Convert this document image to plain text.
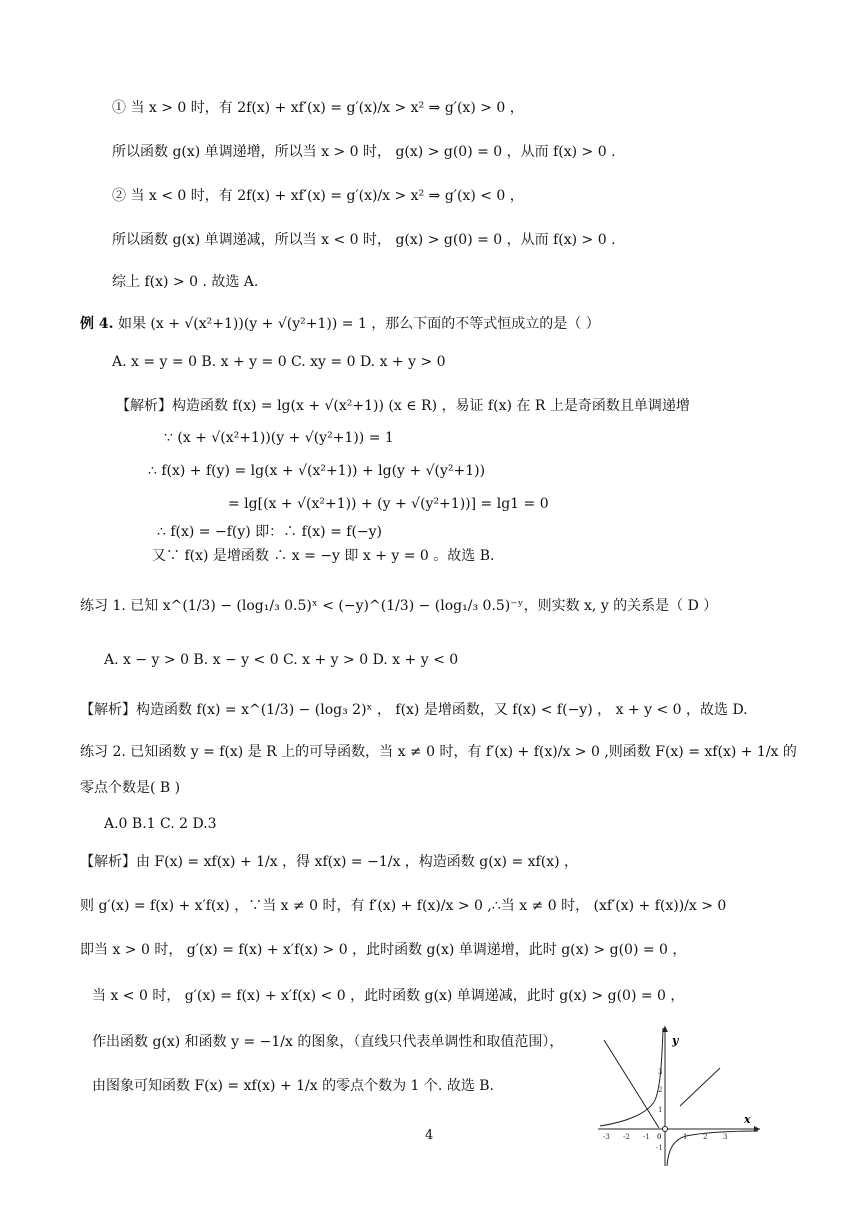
① 当 x > 0 时，有 2f(x) + xf′(x) = g′(x)/x > x² ⇒ g′(x) > 0 ，
所以函数 g(x) 单调递增，所以当 x > 0 时， g(x) > g(0) = 0 ，从而 f(x) > 0 .
② 当 x < 0 时，有 2f(x) + xf′(x) = g′(x)/x > x² ⇒ g′(x) < 0 ，
所以函数 g(x) 单调递减，所以当 x < 0 时， g(x) > g(0) = 0 ，从而 f(x) > 0 .
综上 f(x) > 0 . 故选 A.
例 4. 如果 (x + √(x²+1))(y + √(y²+1)) = 1 ，那么下面的不等式恒成立的是（ ）
A. x = y = 0 B. x + y = 0 C. xy = 0 D. x + y > 0
【解析】构造函数 f(x) = lg(x + √(x²+1)) (x ∈ R) ，易证 f(x) 在 R 上是奇函数且单调递增
∵ (x + √(x²+1))(y + √(y²+1)) = 1
∴ f(x) + f(y) = lg(x + √(x²+1)) + lg(y + √(y²+1))
= lg[(x + √(x²+1)) + (y + √(y²+1))] = lg1 = 0
∴ f(x) = −f(y) 即：∴ f(x) = f(−y)
又∵ f(x) 是增函数 ∴ x = −y 即 x + y = 0 。故选 B.
练习 1. 已知 x^(1/3) − (log₁/₃ 0.5)ˣ < (−y)^(1/3) − (log₁/₃ 0.5)⁻ʸ，则实数 x, y 的关系是（ D ）
A. x − y > 0 B. x − y < 0 C. x + y > 0 D. x + y < 0
【解析】构造函数 f(x) = x^(1/3) − (log₃ 2)ˣ ， f(x) 是增函数，又 f(x) < f(−y) ， x + y < 0 ，故选 D.
练习 2. 已知函数 y = f(x) 是 R 上的可导函数，当 x ≠ 0 时，有 f′(x) + f(x)/x > 0 ,则函数 F(x) = xf(x) + 1/x 的
零点个数是( B )
A.0 B.1 C. 2 D.3
【解析】由 F(x) = xf(x) + 1/x ，得 xf(x) = −1/x ，构造函数 g(x) = xf(x) ，
则 g′(x) = f(x) + x′f(x) ，∵当 x ≠ 0 时，有 f′(x) + f(x)/x > 0 ,∴当 x ≠ 0 时， (xf′(x) + f(x))/x > 0
即当 x > 0 时， g′(x) = f(x) + x′f(x) > 0 ，此时函数 g(x) 单调递增，此时 g(x) > g(0) = 0 ，
当 x < 0 时， g′(x) = f(x) + x′f(x) < 0 ，此时函数 g(x) 单调递减，此时 g(x) > g(0) = 0 ，
作出函数 g(x) 和函数 y = −1/x 的图象，（直线只代表单调性和取值范围），
由图象可知函数 F(x) = xf(x) + 1/x 的零点个数为 1 个. 故选 B.
4
y
x
0
-3 -2 -1	1 2 3
3
2
1
-1
